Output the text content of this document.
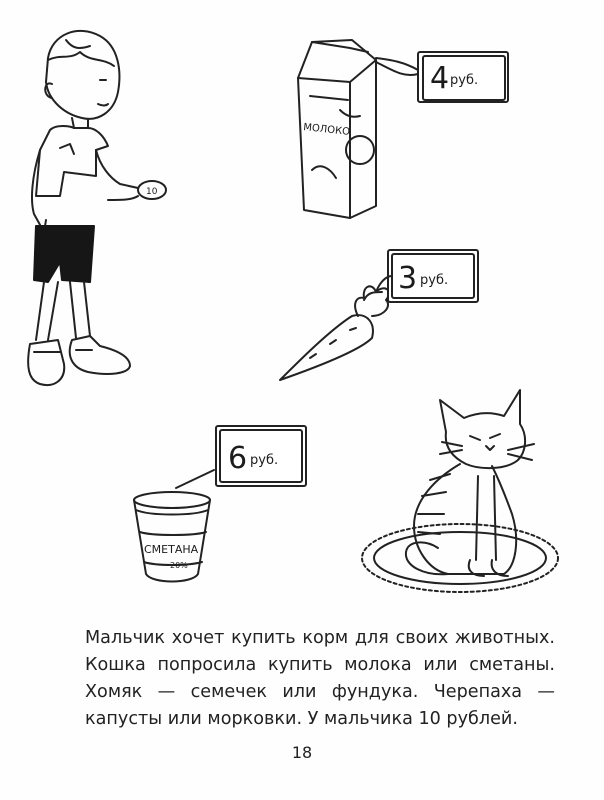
МОЛОКО
10
СМЕТАНА
20%
4 руб.
3 руб.
6 руб.

Мальчик хочет купить корм для своих животных. Кошка попросила купить молока или сметаны. Хомяк — семечек или фундука. Черепаха — капусты или морковки. У мальчика 10 рублей.

18
